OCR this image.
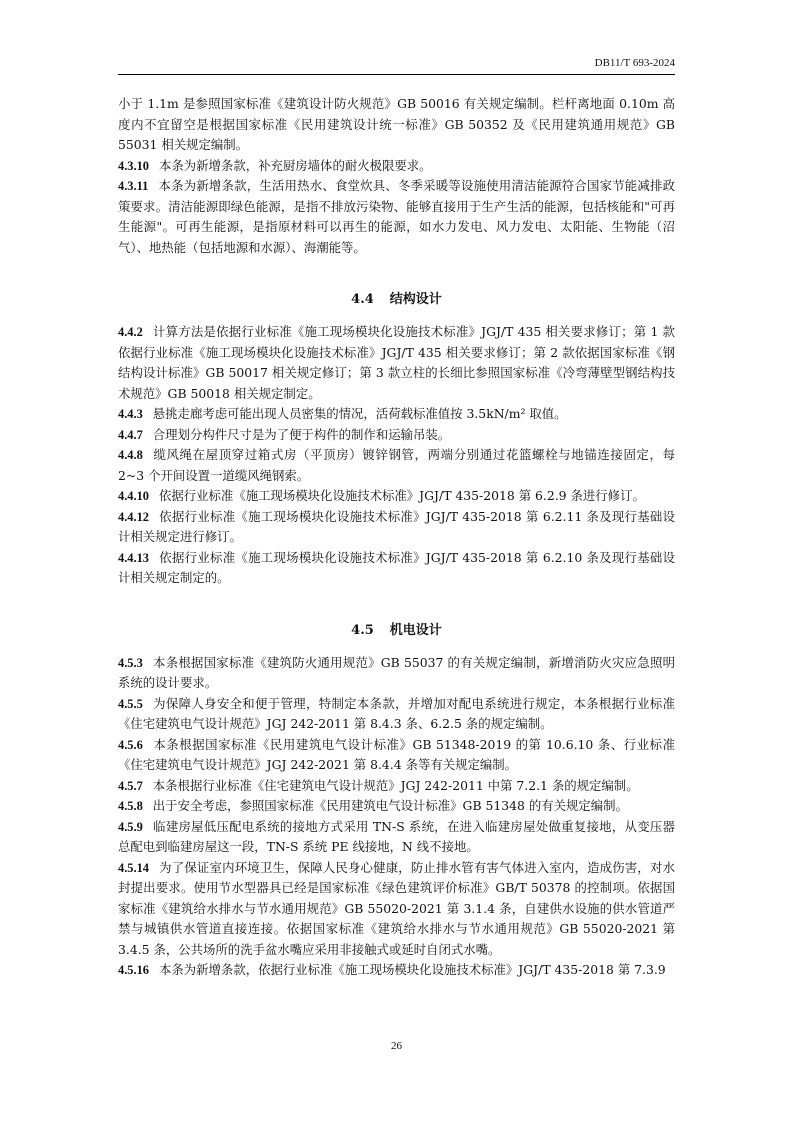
DB11/T 693-2024

小于 1.1m 是参照国家标准《建筑设计防火规范》GB 50016 有关规定编制。栏杆离地面 0.10m 高度内不宜留空是根据国家标准《民用建筑设计统一标准》GB 50352 及《民用建筑通用规范》GB 55031 相关规定编制。

4.3.10 本条为新增条款，补充厨房墙体的耐火极限要求。

4.3.11 本条为新增条款，生活用热水、食堂炊具、冬季采暖等设施使用清洁能源符合国家节能减排政策要求。清洁能源即绿色能源，是指不排放污染物、能够直接用于生产生活的能源，包括核能和"可再生能源"。可再生能源，是指原材料可以再生的能源，如水力发电、风力发电、太阳能、生物能（沼气）、地热能（包括地源和水源）、海潮能等。

4.4 结构设计

4.4.2 计算方法是依据行业标准《施工现场模块化设施技术标准》JGJ/T 435 相关要求修订；第 1 款依据行业标准《施工现场模块化设施技术标准》JGJ/T 435 相关要求修订；第 2 款依据国家标准《钢结构设计标准》GB 50017 相关规定修订；第 3 款立柱的长细比参照国家标准《冷弯薄壁型钢结构技术规范》GB 50018 相关规定制定。

4.4.3 悬挑走廊考虑可能出现人员密集的情况，活荷载标准值按 3.5kN/m² 取值。

4.4.7 合理划分构件尺寸是为了便于构件的制作和运输吊装。

4.4.8 缆风绳在屋顶穿过箱式房（平顶房）镀锌钢管，两端分别通过花篮螺栓与地锚连接固定，每 2~3 个开间设置一道缆风绳钢索。

4.4.10 依据行业标准《施工现场模块化设施技术标准》JGJ/T 435-2018 第 6.2.9 条进行修订。

4.4.12 依据行业标准《施工现场模块化设施技术标准》JGJ/T 435-2018 第 6.2.11 条及现行基础设计相关规定进行修订。

4.4.13 依据行业标准《施工现场模块化设施技术标准》JGJ/T 435-2018 第 6.2.10 条及现行基础设计相关规定制定的。

4.5 机电设计

4.5.3 本条根据国家标准《建筑防火通用规范》GB 55037 的有关规定编制，新增消防火灾应急照明系统的设计要求。

4.5.5 为保障人身安全和便于管理，特制定本条款，并增加对配电系统进行规定，本条根据行业标准《住宅建筑电气设计规范》JGJ 242-2011 第 8.4.3 条、6.2.5 条的规定编制。

4.5.6 本条根据国家标准《民用建筑电气设计标准》GB 51348-2019 的第 10.6.10 条、行业标准《住宅建筑电气设计规范》JGJ 242-2021 第 8.4.4 条等有关规定编制。

4.5.7 本条根据行业标准《住宅建筑电气设计规范》JGJ 242-2011 中第 7.2.1 条的规定编制。

4.5.8 出于安全考虑，参照国家标准《民用建筑电气设计标准》GB 51348 的有关规定编制。

4.5.9 临建房屋低压配电系统的接地方式采用 TN-S 系统，在进入临建房屋处做重复接地，从变压器总配电到临建房屋这一段，TN-S 系统 PE 线接地，N 线不接地。

4.5.14 为了保证室内环境卫生，保障人民身心健康，防止排水管有害气体进入室内，造成伤害，对水封提出要求。使用节水型器具已经是国家标准《绿色建筑评价标准》GB/T 50378 的控制项。依据国家标准《建筑给水排水与节水通用规范》GB 55020-2021 第 3.1.4 条，自建供水设施的供水管道严禁与城镇供水管道直接连接。依据国家标准《建筑给水排水与节水通用规范》GB 55020-2021 第 3.4.5 条，公共场所的洗手盆水嘴应采用非接触式或延时自闭式水嘴。

4.5.16 本条为新增条款，依据行业标准《施工现场模块化设施技术标准》JGJ/T 435-2018 第 7.3.9

26
